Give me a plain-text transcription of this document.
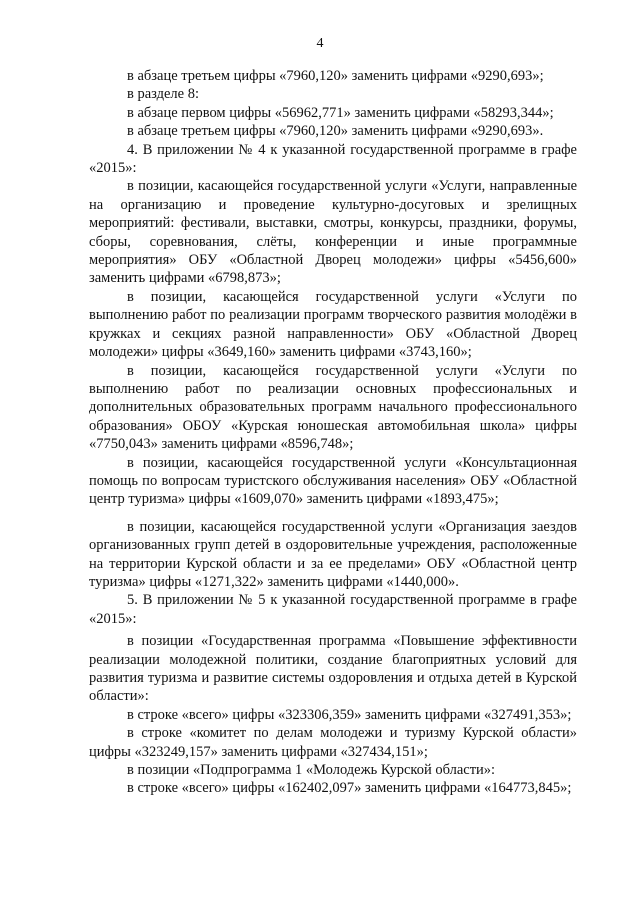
4

в абзаце третьем цифры «7960,120» заменить цифрами «9290,693»;

в разделе 8:

в абзаце первом цифры «56962,771» заменить цифрами «58293,344»;

в абзаце третьем цифры «7960,120» заменить цифрами «9290,693».

4. В приложении № 4 к указанной государственной программе в графе «2015»:

в позиции, касающейся государственной услуги «Услуги, направленные на организацию и проведение культурно-досуговых и зрелищных мероприятий: фестивали, выставки, смотры, конкурсы, праздники, форумы, сборы, соревнования, слёты, конференции и иные программные мероприятия» ОБУ «Областной Дворец молодежи» цифры «5456,600» заменить цифрами «6798,873»;

в позиции, касающейся государственной услуги «Услуги по выполнению работ по реализации программ творческого развития молодёжи в кружках и секциях разной направленности» ОБУ «Областной Дворец молодежи» цифры «3649,160» заменить цифрами «3743,160»;

в позиции, касающейся государственной услуги «Услуги по выполнению работ по реализации основных профессиональных и дополнительных образовательных программ начального профессионального образования» ОБОУ «Курская юношеская автомобильная школа» цифры «7750,043» заменить цифрами «8596,748»;

в позиции, касающейся государственной услуги «Консультационная помощь по вопросам туристского обслуживания населения» ОБУ «Областной центр туризма» цифры «1609,070» заменить цифрами «1893,475»;

в позиции, касающейся государственной услуги «Организация заездов организованных групп детей в оздоровительные учреждения, расположенные на территории Курской области и за ее пределами» ОБУ «Областной центр туризма» цифры «1271,322» заменить цифрами «1440,000».

5. В приложении № 5 к указанной государственной программе в графе «2015»:

в позиции «Государственная программа «Повышение эффективности реализации молодежной политики, создание благоприятных условий для развития туризма и развитие системы оздоровления и отдыха детей в Курской области»:

в строке «всего» цифры «323306,359» заменить цифрами «327491,353»;

в строке «комитет по делам молодежи и туризму Курской области» цифры «323249,157» заменить цифрами «327434,151»;

в позиции «Подпрограмма 1 «Молодежь Курской области»:

в строке «всего» цифры «162402,097» заменить цифрами «164773,845»;
